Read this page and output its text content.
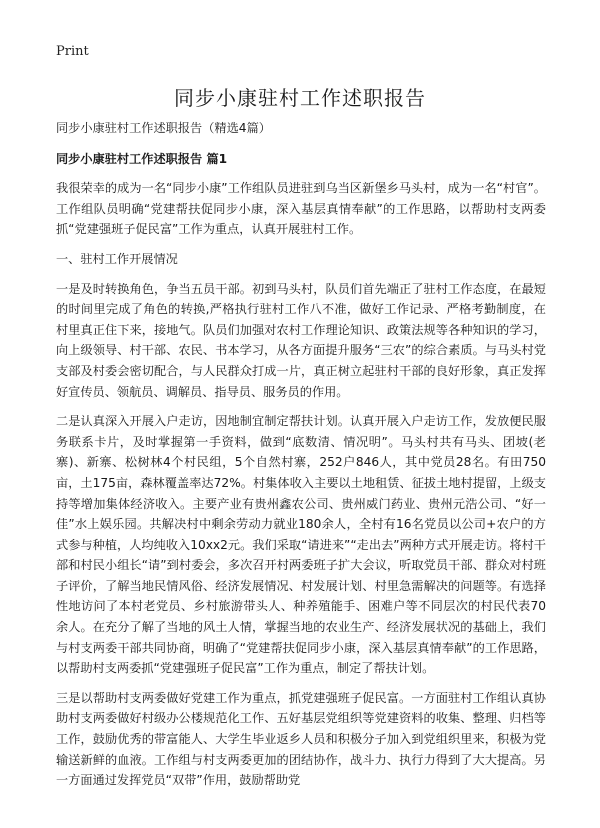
Print
同步小康驻村工作述职报告

同步小康驻村工作述职报告（精选4篇）

同步小康驻村工作述职报告 篇1

我很荣幸的成为一名“同步小康”工作组队员进驻到乌当区新堡乡马头村，成为一名“村官”。工作组队员明确“党建帮扶促同步小康，深入基层真情奉献”的工作思路，以帮助村支两委抓“党建强班子促民富”工作为重点，认真开展驻村工作。

一、驻村工作开展情况

一是及时转换角色，争当五员干部。初到马头村，队员们首先端正了驻村工作态度，在最短的时间里完成了角色的转换,严格执行驻村工作八不准，做好工作记录、严格考勤制度，在村里真正住下来，接地气。队员们加强对农村工作理论知识、政策法规等各种知识的学习，向上级领导、村干部、农民、书本学习，从各方面提升服务“三农”的综合素质。与马头村党支部及村委会密切配合，与人民群众打成一片，真正树立起驻村干部的良好形象，真正发挥好宣传员、领航员、调解员、指导员、服务员的作用。

二是认真深入开展入户走访，因地制宜制定帮扶计划。认真开展入户走访工作，发放便民服务联系卡片，及时掌握第一手资料，做到“底数清、情况明”。马头村共有马头、团坡(老寨)、新寨、松树林4个村民组，5个自然村寨，252户846人，其中党员28名。有田750亩，土175亩，森林覆盖率达72%。村集体收入主要以土地租赁、征拔土地村提留，上级支持等增加集体经济收入。主要产业有贵州鑫农公司、贵州威门药业、贵州元浩公司、“好一佳”水上娱乐园。共解决村中剩余劳动力就业180余人，全村有16名党员以公司+农户的方式参与种植，人均纯收入10xx2元。我们采取“请进来”“走出去”两种方式开展走访。将村干部和村民小组长“请”到村委会，多次召开村两委班子扩大会议，听取党员干部、群众对村班子评价，了解当地民情风俗、经济发展情况、村发展计划、村里急需解决的问题等。有选择性地访问了本村老党员、乡村旅游带头人、种养殖能手、困难户等不同层次的村民代表70余人。在充分了解了当地的风土人情，掌握当地的农业生产、经济发展状况的基础上，我们与村支两委干部共同协商，明确了“党建帮扶促同步小康，深入基层真情奉献”的工作思路，以帮助村支两委抓“党建强班子促民富”工作为重点，制定了帮扶计划。

三是以帮助村支两委做好党建工作为重点，抓党建强班子促民富。一方面驻村工作组认真协助村支两委做好村级办公楼规范化工作、五好基层党组织等党建资料的收集、整理、归档等工作，鼓励优秀的带富能人、大学生毕业返乡人员和积极分子加入到党组织里来，积极为党输送新鲜的血液。工作组与村支两委更加的团结协作，战斗力、执行力得到了大大提高。另一方面通过发挥党员“双带”作用，鼓励帮助党
